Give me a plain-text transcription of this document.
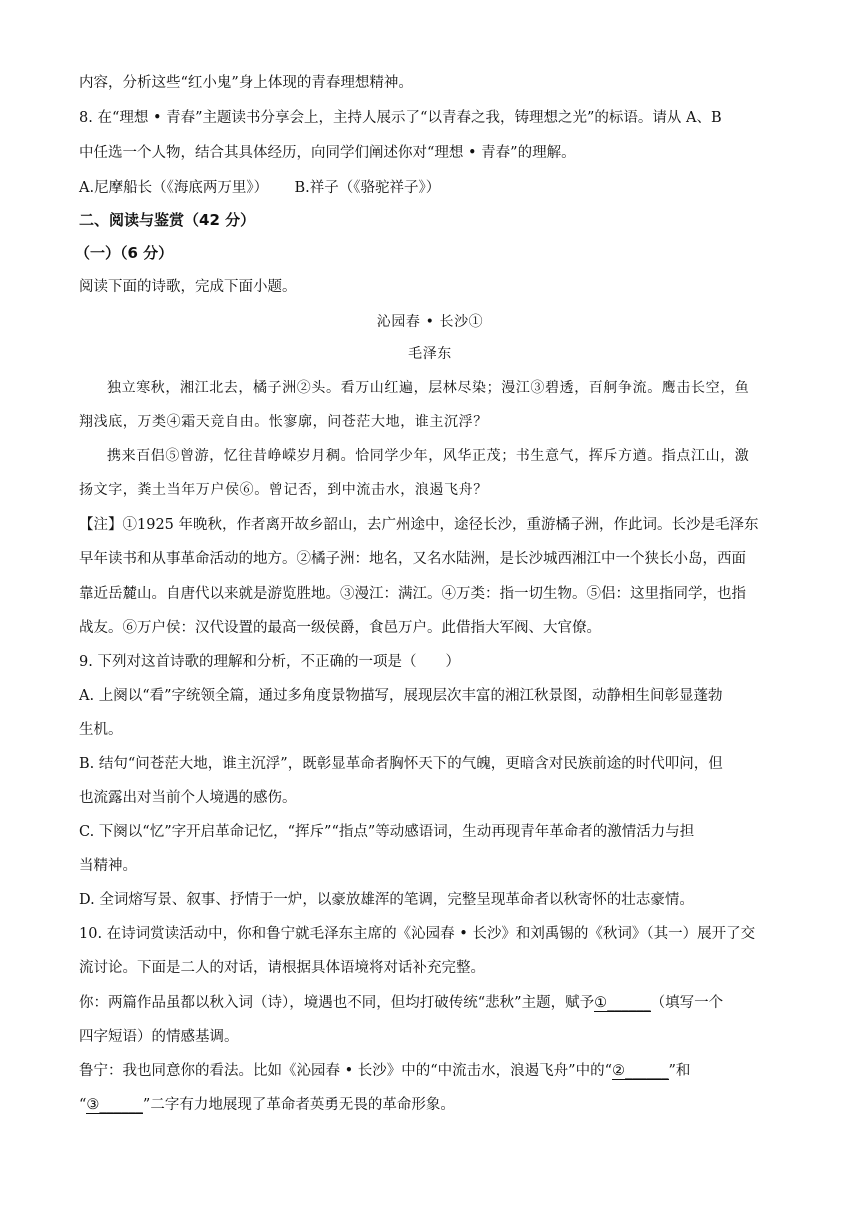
内容，分析这些“红小鬼”身上体现的青春理想精神。
8. 在“理想 • 青春”主题读书分享会上，主持人展示了“以青春之我，铸理想之光”的标语。请从 A、B
中任选一个人物，结合其具体经历，向同学们阐述你对“理想 • 青春”的理解。
A.尼摩船长（《海底两万里》）　　 B.祥子（《骆驼祥子》）
二、阅读与鉴赏（42 分）
（一）（6 分）
阅读下面的诗歌，完成下面小题。
沁园春 • 长沙①
毛泽东
独立寒秋，湘江北去，橘子洲②头。看万山红遍，层林尽染；漫江③碧透，百舸争流。鹰击长空，鱼
翔浅底，万类④霜天竞自由。怅寥廓，问苍茫大地，谁主沉浮？
携来百侣⑤曾游，忆往昔峥嵘岁月稠。恰同学少年，风华正茂；书生意气，挥斥方遒。指点江山，激
扬文字，粪土当年万户侯⑥。曾记否，到中流击水，浪遏飞舟？
【注】①1925 年晚秋，作者离开故乡韶山，去广州途中，途径长沙，重游橘子洲，作此词。长沙是毛泽东
早年读书和从事革命活动的地方。②橘子洲：地名，又名水陆洲，是长沙城西湘江中一个狭长小岛，西面
靠近岳麓山。自唐代以来就是游览胜地。③漫江：满江。④万类：指一切生物。⑤侣：这里指同学，也指
战友。⑥万户侯：汉代设置的最高一级侯爵，食邑万户。此借指大军阀、大官僚。
9. 下列对这首诗歌的理解和分析，不正确的一项是（　　）
A. 上阕以“看”字统领全篇，通过多角度景物描写，展现层次丰富的湘江秋景图，动静相生间彰显蓬勃
生机。
B. 结句“问苍茫大地，谁主沉浮”，既彰显革命者胸怀天下的气魄，更暗含对民族前途的时代叩问，但
也流露出对当前个人境遇的感伤。
C. 下阕以“忆”字开启革命记忆，“挥斥”“指点”等动感语词，生动再现青年革命者的激情活力与担
当精神。
D. 全词熔写景、叙事、抒情于一炉，以豪放雄浑的笔调，完整呈现革命者以秋寄怀的壮志豪情。
10. 在诗词赏读活动中，你和鲁宁就毛泽东主席的《沁园春 • 长沙》和刘禹锡的《秋词》（其一）展开了交
流讨论。下面是二人的对话，请根据具体语境将对话补充完整。
你：两篇作品虽都以秋入词（诗），境遇也不同，但均打破传统“悲秋”主题，赋予①______（填写一个
四字短语）的情感基调。
鲁宁：我也同意你的看法。比如《沁园春 • 长沙》中的“中流击水，浪遏飞舟”中的“②______”和
“③______”二字有力地展现了革命者英勇无畏的革命形象。
